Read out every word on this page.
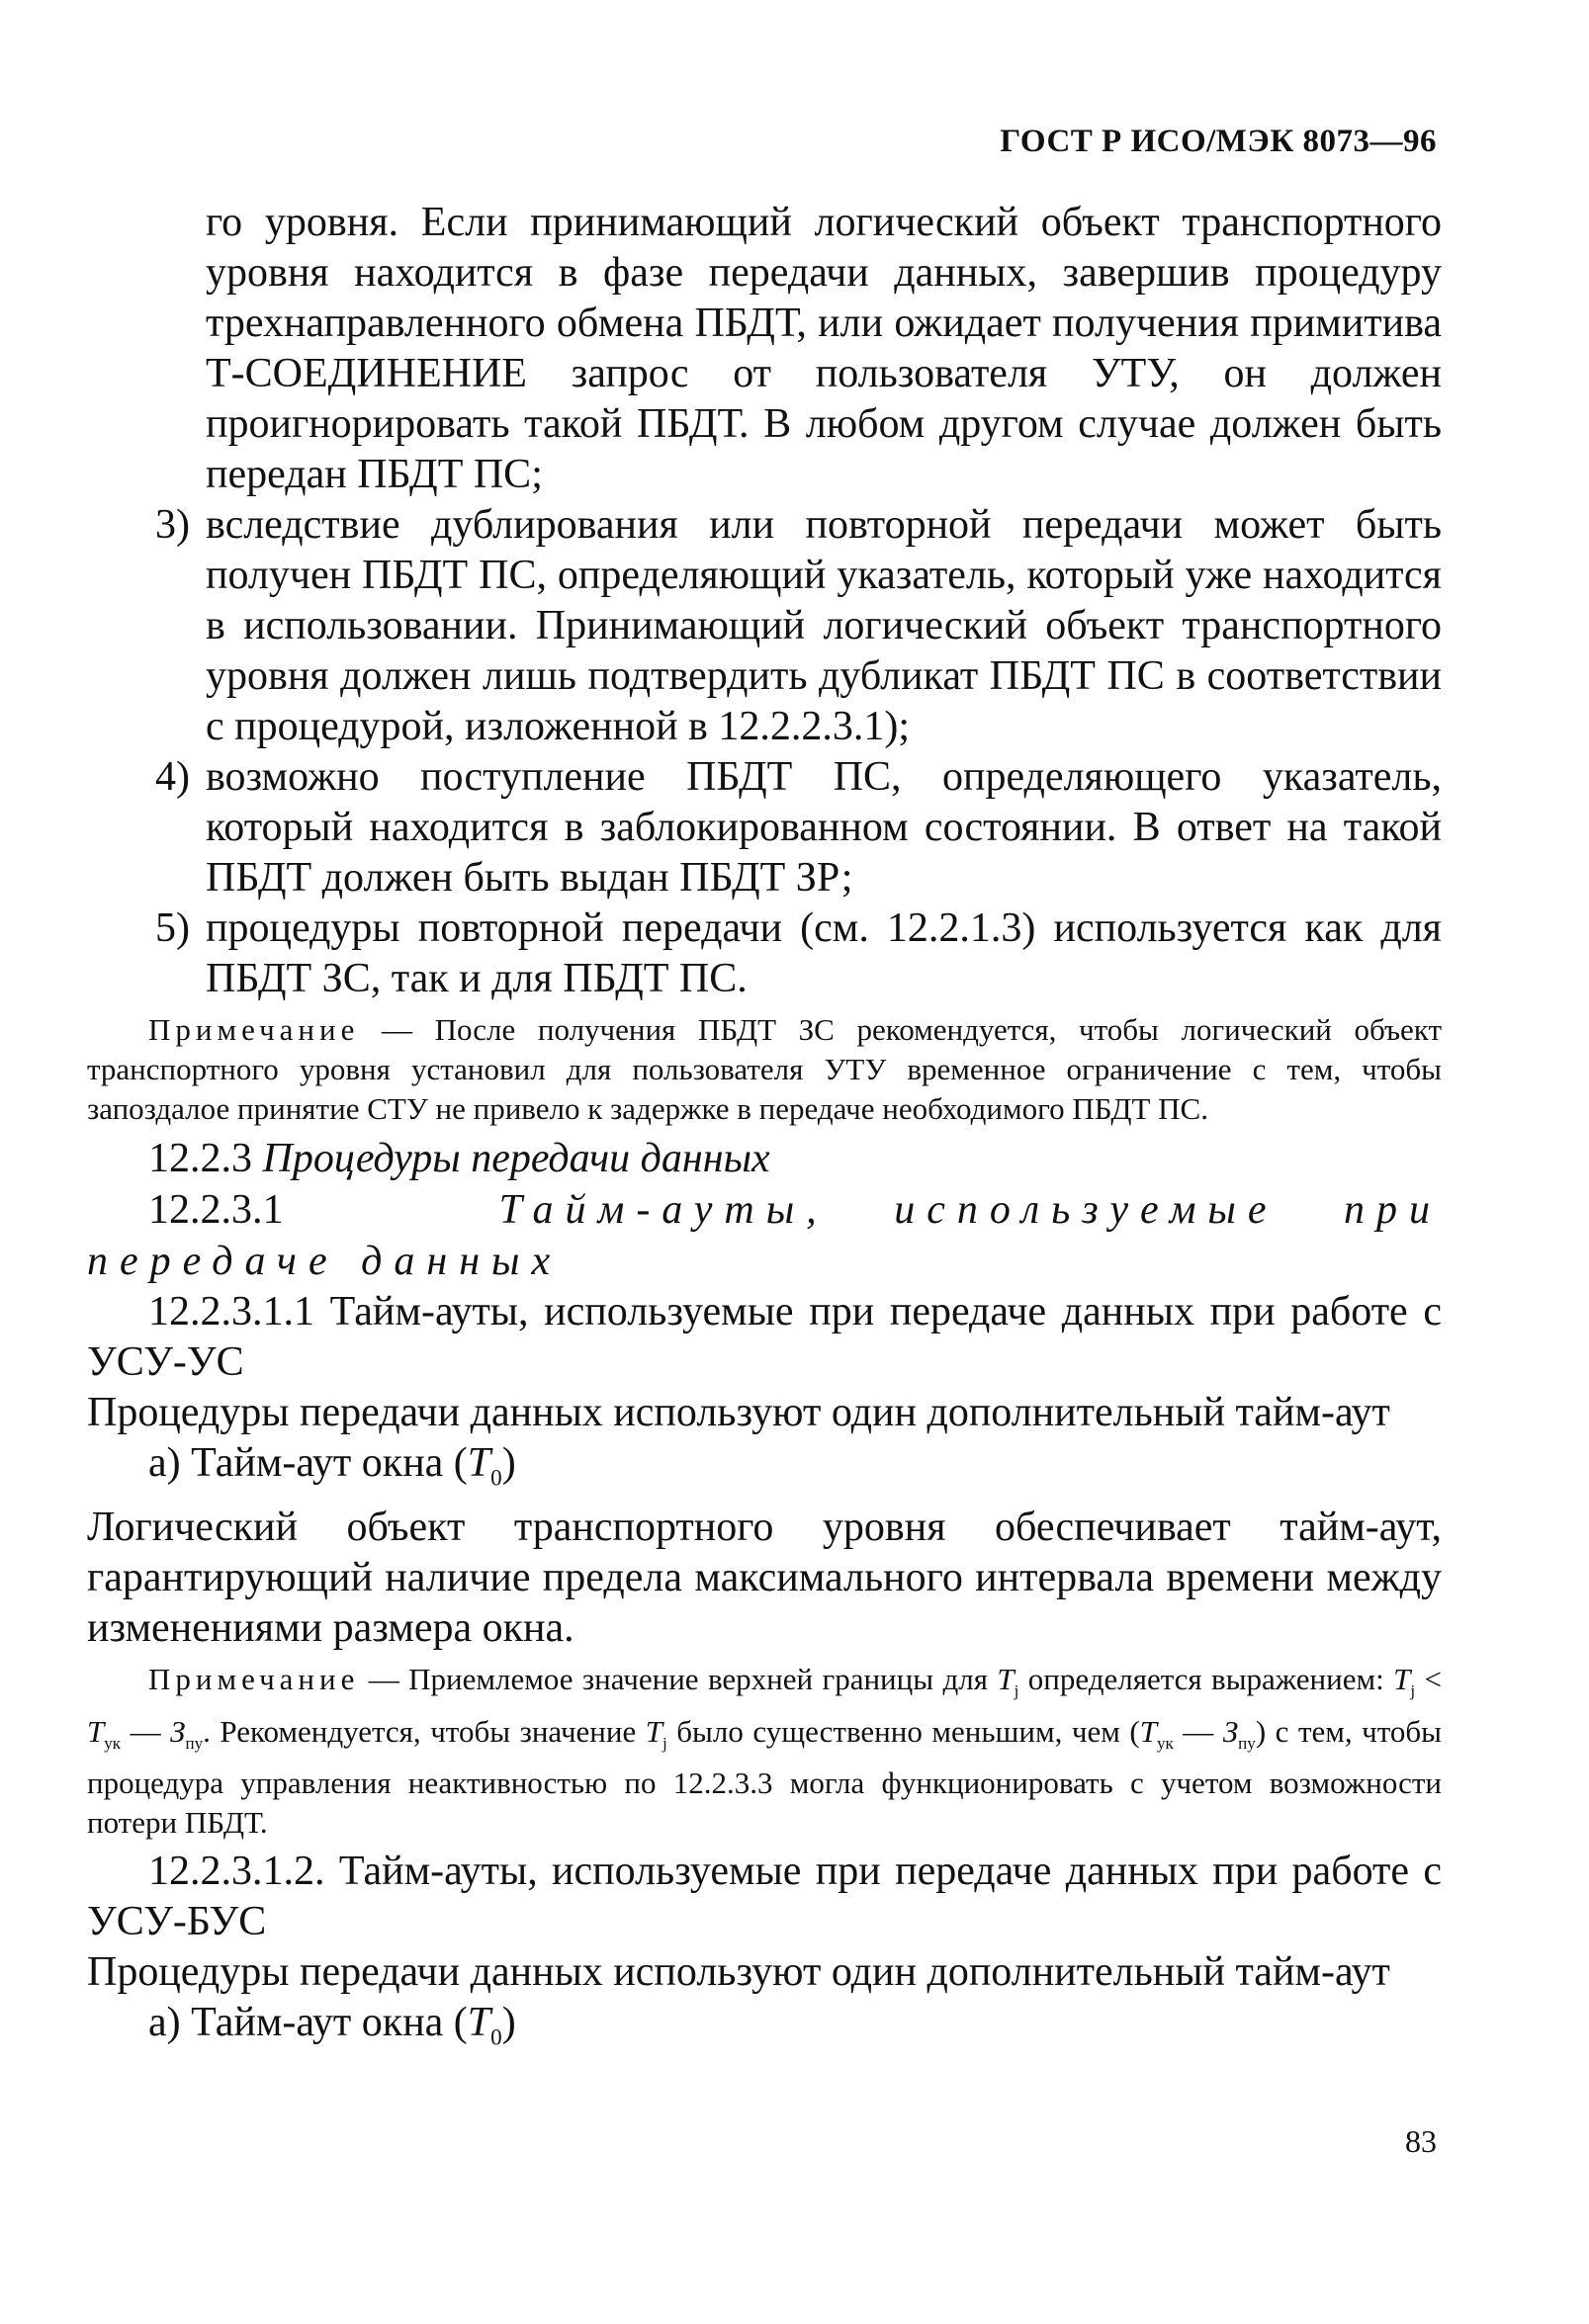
ГОСТ Р ИСО/МЭК 8073—96

го уровня. Если принимающий логический объект транспортного уровня находится в фазе передачи данных, завершив процедуру трехнаправленного обмена ПБДТ, или ожидает получения примитива Т-СОЕДИНЕНИЕ запрос от пользователя УТУ, он должен проигнорировать такой ПБДТ. В любом другом случае должен быть передан ПБДТ ПС;

3) вследствие дублирования или повторной передачи может быть получен ПБДТ ПС, определяющий указатель, который уже находится в использовании. Принимающий логический объект транспортного уровня должен лишь подтвердить дубликат ПБДТ ПС в соответствии с процедурой, изложенной в 12.2.2.3.1);
4) возможно поступление ПБДТ ПС, определяющего указатель, который находится в заблокированном состоянии. В ответ на такой ПБДТ должен быть выдан ПБДТ ЗР;
5) процедуры повторной передачи (см. 12.2.1.3) используется как для ПБДТ ЗС, так и для ПБДТ ПС.

Примечание — После получения ПБДТ ЗС рекомендуется, чтобы логический объект транспортного уровня установил для пользователя УТУ временное ограничение с тем, чтобы запоздалое принятие СТУ не привело к задержке в передаче необходимого ПБДТ ПС.

12.2.3 Процедуры передачи данных

12.2.3.1	Тайм-ауты, используемые при передаче данных

12.2.3.1.1 Тайм-ауты, используемые при передаче данных при работе с УСУ-УС

Процедуры передачи данных используют один дополнительный тайм-аут

а) Тайм-аут окна $(T_0)$

Логический объект транспортного уровня обеспечивает тайм-аут, гарантирующий наличие предела максимального интервала времени между изменениями размера окна.

Примечание — Приемлемое значение верхней границы для $T_j$ определяется выражением: $T_j < T_{ук}$ — $З_{пу}$. Рекомендуется, чтобы значение $T_j$ было существенно меньшим, чем ($T_{ук}$ — $З_{пу}$) с тем, чтобы процедура управления неактивностью по 12.2.3.3 могла функционировать с учетом возможности потери ПБДТ.

12.2.3.1.2. Тайм-ауты, используемые при передаче данных при работе с УСУ-БУС

Процедуры передачи данных используют один дополнительный тайм-аут

а) Тайм-аут окна $(T_0)$

83
